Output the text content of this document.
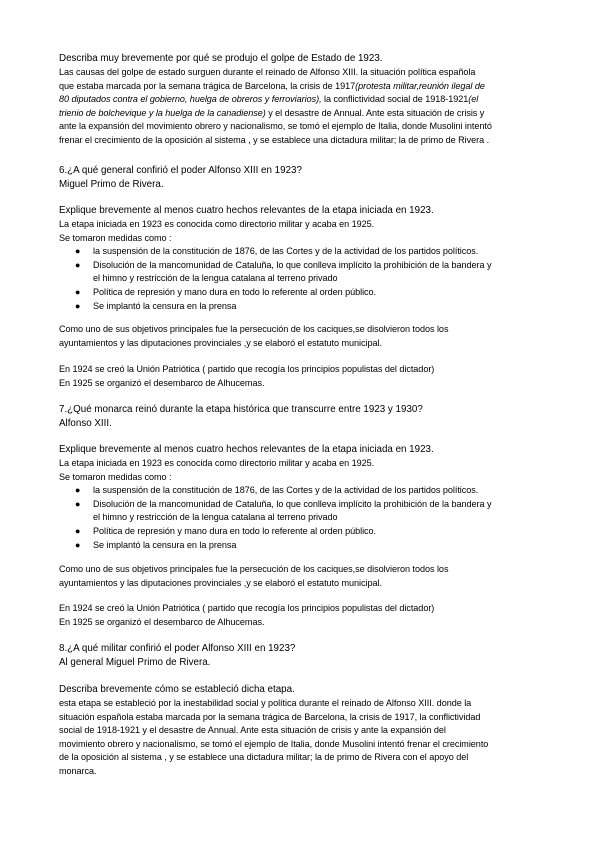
Describa muy brevemente por qué se produjo el golpe de Estado de 1923.
Las causas del golpe de estado surguen durante el reinado de Alfonso XIII. la situación política española
que estaba marcada por la semana trágica de Barcelona, la crisis de 1917(protesta militar,reunión ilegal de
80 diputados contra el gobierno, huelga de obreros y ferroviarios), la conflictividad social de 1918-1921(el
trienio de bolchevique y la huelga de la canadiense) y el desastre de Annual. Ante esta situación de crisis y
ante la expansión del movimiento obrero y nacionalismo, se tomó el ejemplo de Italia, donde Musolini intentó
frenar el crecimiento de la oposición al sistema , y se establece una dictadura militar; la de primo de Rivera .
6.¿A qué general confirió el poder Alfonso XIII en 1923?
Miguel Primo de Rivera.
Explique brevemente al menos cuatro hechos relevantes de la etapa iniciada en 1923.
La etapa iniciada en 1923 es conocida como directorio militar y acaba en 1925.
Se tomaron medidas como :
● la suspensión de la constitución de 1876, de las Cortes y de la actividad de los partidos políticos.
● Disolución de la mancomunidad de Cataluña, lo que conlleva implícito la prohibición de la bandera y
el himno y restricción de la lengua catalana al terreno privado
● Política de represión y mano dura en todo lo referente al orden público.
● Se implantó la censura en la prensa
Como uno de sus objetivos principales fue la persecución de los caciques,se disolvieron todos los
ayuntamientos y las diputaciones provinciales ,y se elaboró el estatuto municipal.
En 1924 se creó la Unión Patriótica ( partido que recogía los principios populistas del dictador)
En 1925 se organizó el desembarco de Alhucemas.
7.¿Qué monarca reinó durante la etapa histórica que transcurre entre 1923 y 1930?
Alfonso XIII.
Explique brevemente al menos cuatro hechos relevantes de la etapa iniciada en 1923.
La etapa iniciada en 1923 es conocida como directorio militar y acaba en 1925.
Se tomaron medidas como :
● la suspensión de la constitución de 1876, de las Cortes y de la actividad de los partidos políticos.
● Disolución de la mancomunidad de Cataluña, lo que conlleva implícito la prohibición de la bandera y
el himno y restricción de la lengua catalana al terreno privado
● Política de represión y mano dura en todo lo referente al orden público.
● Se implantó la censura en la prensa
Como uno de sus objetivos principales fue la persecución de los caciques,se disolvieron todos los
ayuntamientos y las diputaciones provinciales ,y se elaboró el estatuto municipal.
En 1924 se creó la Unión Patriótica ( partido que recogía los principios populistas del dictador)
En 1925 se organizó el desembarco de Alhucemas.
8.¿A qué militar confirió el poder Alfonso XIII en 1923?
Al general Miguel Primo de Rivera.
Describa brevemente cómo se estableció dicha etapa.
esta etapa se estableció por la inestabilidad social y política durante el reinado de Alfonso XIII. donde la
situación española estaba marcada por la semana trágica de Barcelona, la crisis de 1917, la conflictividad
social de 1918-1921 y el desastre de Annual. Ante esta situación de crisis y ante la expansión del
movimiento obrero y nacionalismo, se tomó el ejemplo de Italia, donde Musolini intentó frenar el crecimiento
de la oposición al sistema , y se establece una dictadura militar; la de primo de Rivera con el apoyo del
monarca.
